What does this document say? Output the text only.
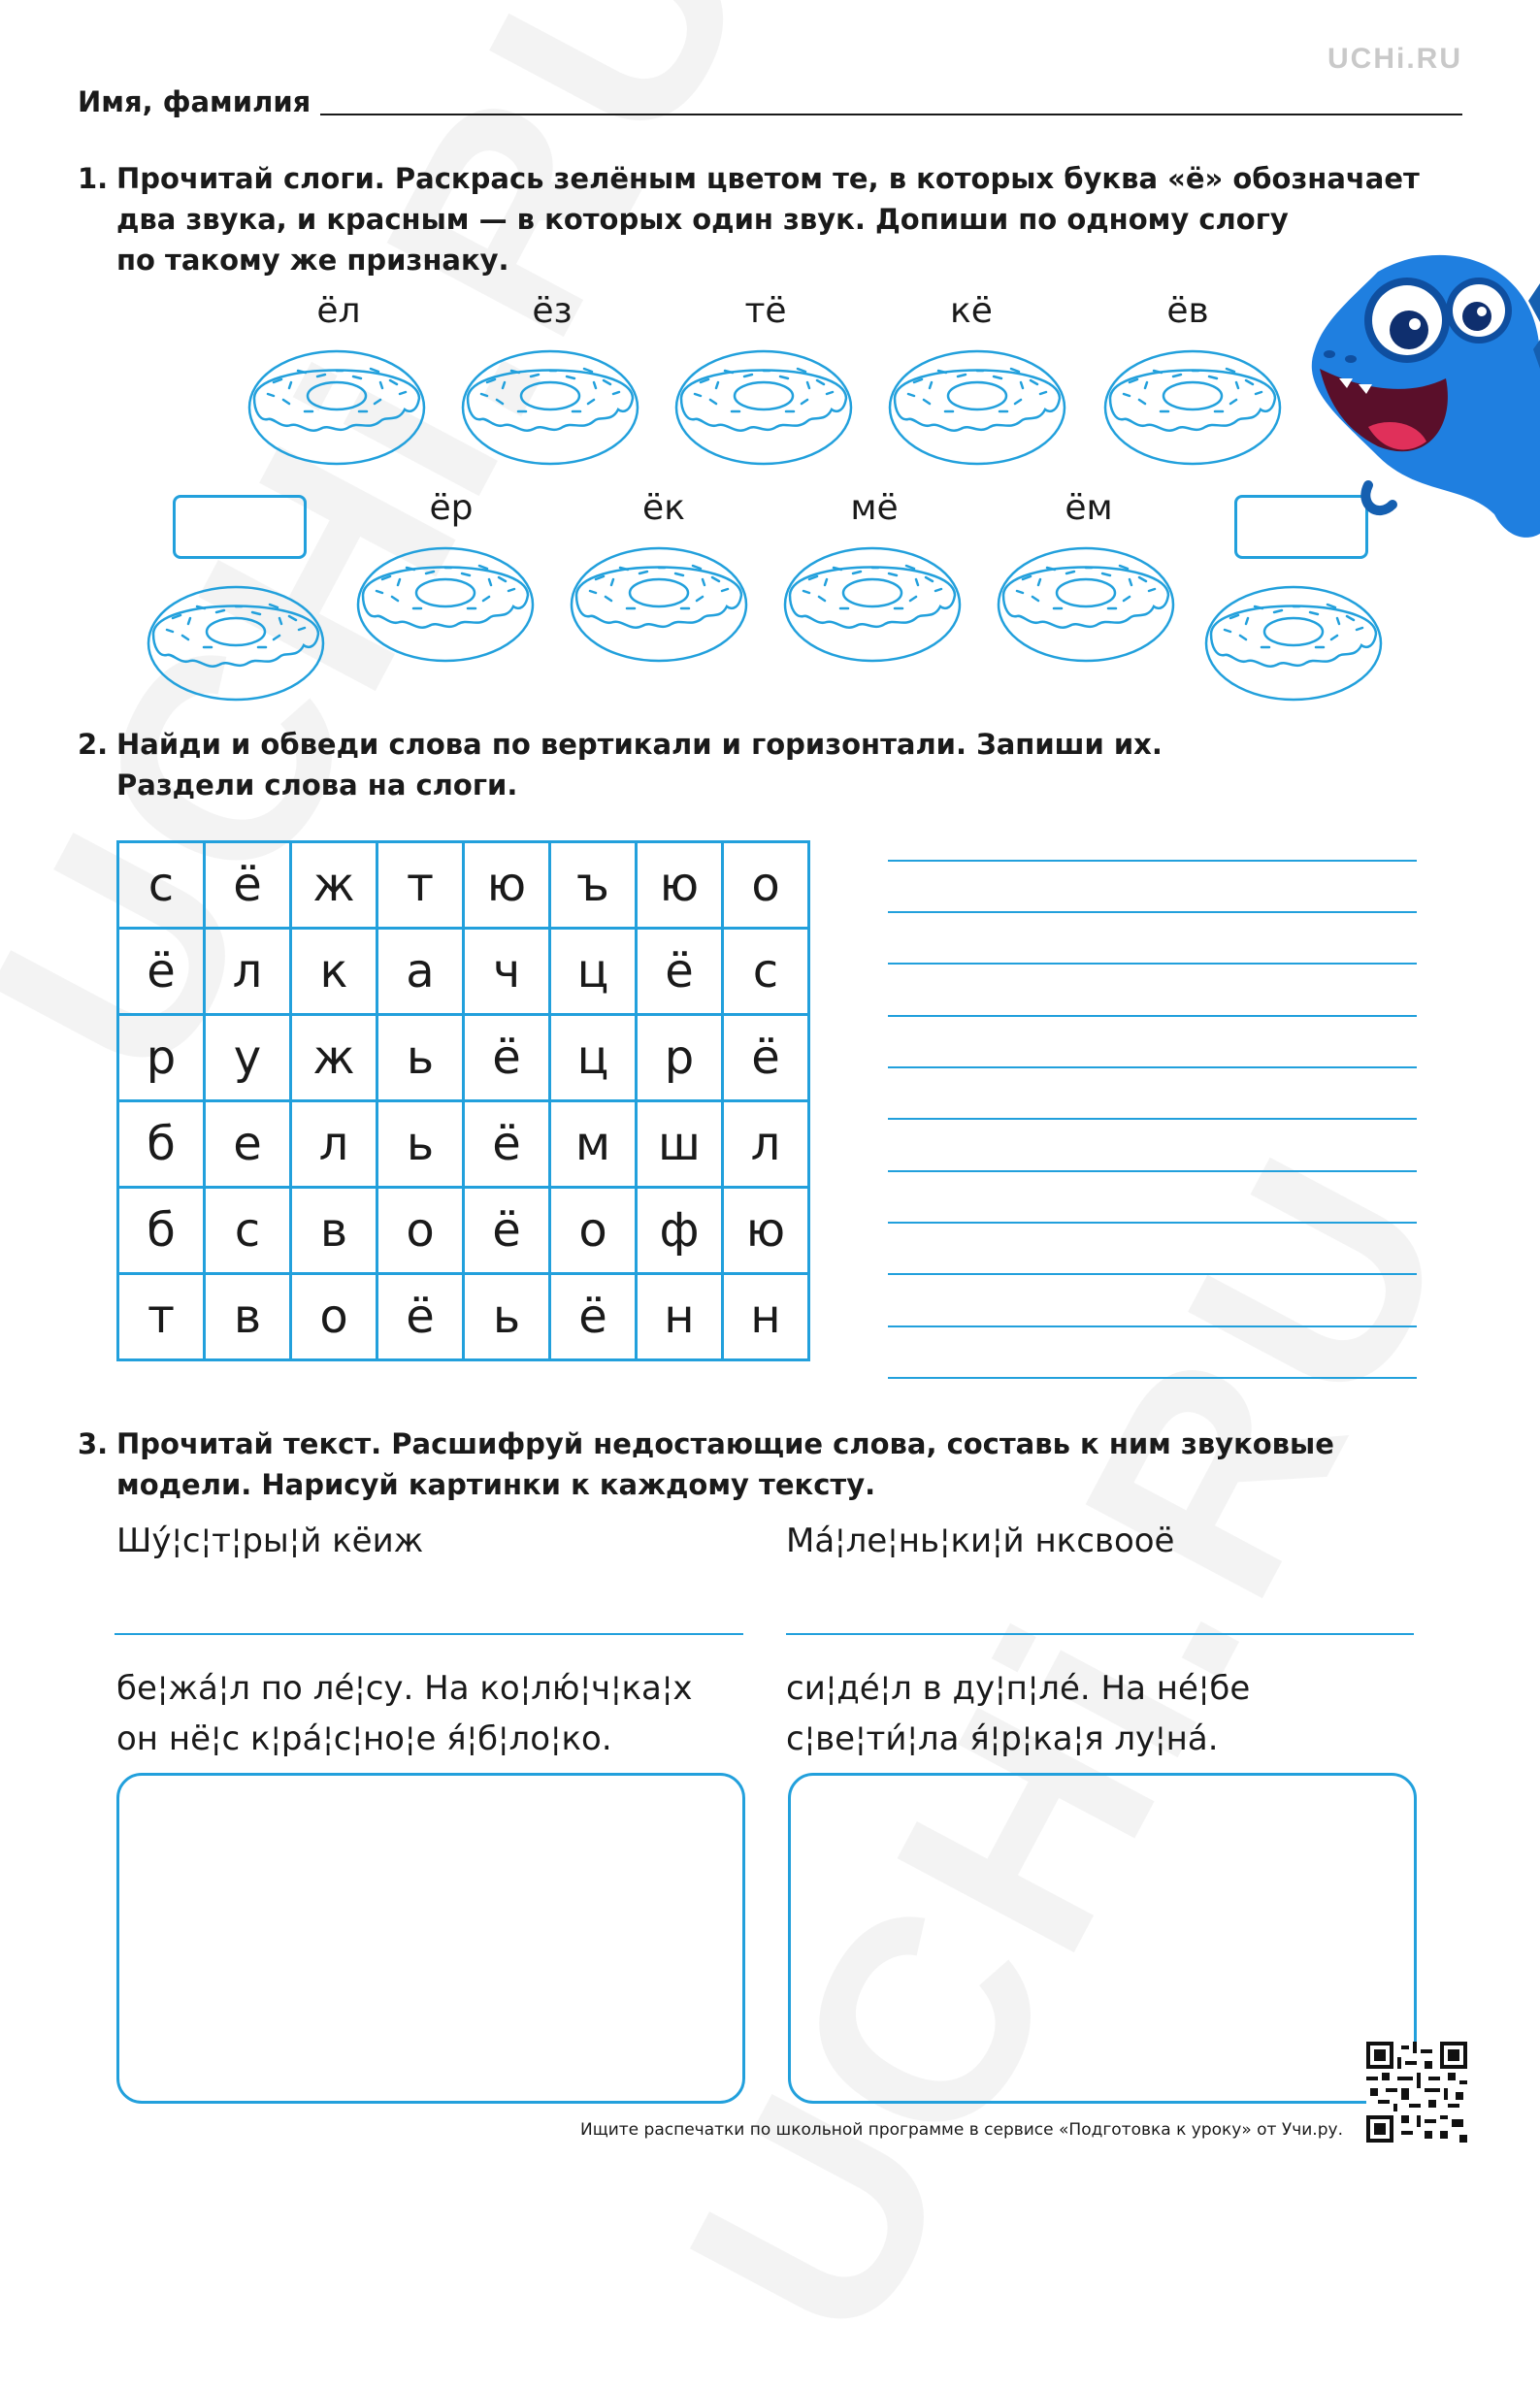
UCHi.RU
Имя, фамилия
1. Прочитай слоги. Раскрась зелёным цветом те, в которых буква «ё» обозначает
два звука, и красным — в которых один звук. Допиши по одному слогу
по такому же признаку.
ёл	ёз	тё	кё	ёв
ёр	ёк	мё	ём
2. Найди и обведи слова по вертикали и горизонтали. Запиши их.
Раздели слова на слоги.
с	ё	ж	т	ю	ъ	ю	о
ё	л	к	а	ч	ц	ё	с
р	у	ж	ь	ё	ц	р	ё
б	е	л	ь	ё	м	ш	л
б	с	в	о	ё	о	ф	ю
т	в	о	ё	ь	ё	н	н
3. Прочитай текст. Расшифруй недостающие слова, составь к ним звуковые
модели. Нарисуй картинки к каждому тексту.
Шу́¦с¦т¦ры¦й кёиж
бе¦жа́¦л по ле́¦су. На ко¦лю́¦ч¦ка¦х
он нё¦с к¦ра́¦с¦но¦е я́¦б¦ло¦ко.
Ма́¦ле¦нь¦ки¦й нксвооё
си¦де́¦л в ду¦п¦ле́. На не́¦бе
с¦ве¦ти́¦ла я́¦р¦ка¦я лу¦на́.
Ищите распечатки по школьной программе в сервисе «Подготовка к уроку» от Учи.ру.
